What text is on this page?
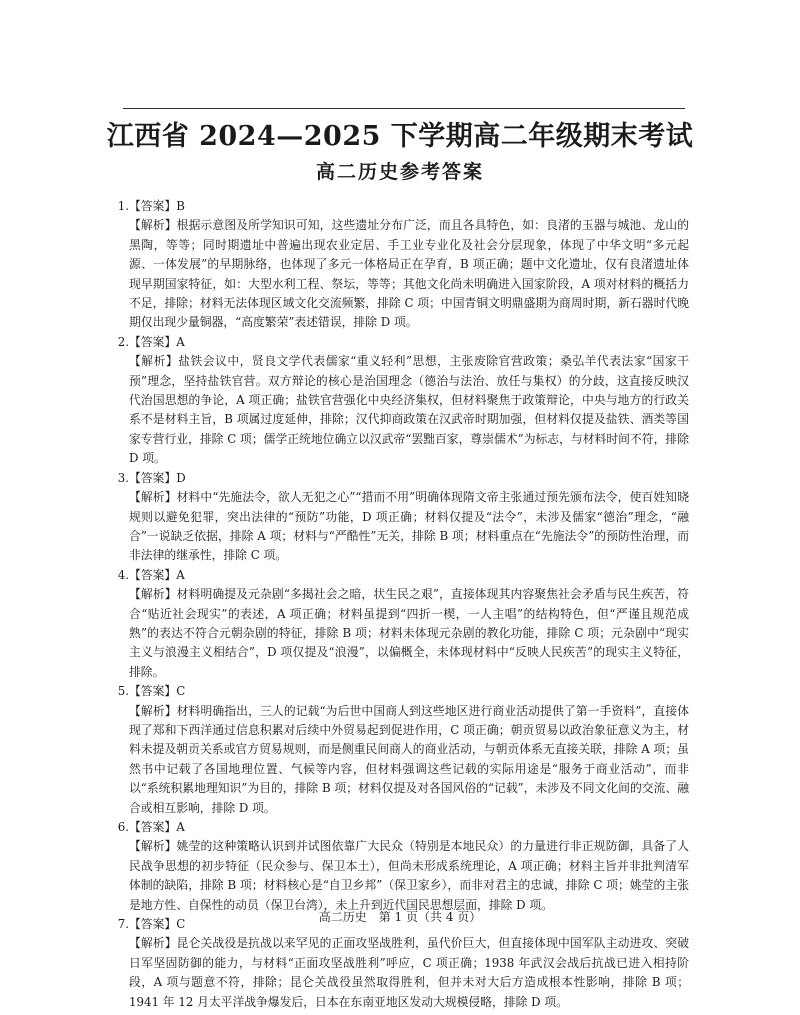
江西省 2024—2025 下学期高二年级期末考试
高二历史参考答案
1.【答案】B
【解析】根据示意图及所学知识可知，这些遗址分布广泛，而且各具特色，如：良渚的玉器与城池、龙山的黑陶，等等；同时期遗址中普遍出现农业定居、手工业专业化及社会分层现象，体现了中华文明“多元起源、一体发展”的早期脉络，也体现了多元一体格局正在孕育，B 项正确；题中文化遗址，仅有良渚遗址体现早期国家特征，如：大型水利工程、祭坛，等等；其他文化尚未明确进入国家阶段，A 项对材料的概括力不足，排除；材料无法体现区域文化交流频繁，排除 C 项；中国青铜文明鼎盛期为商周时期，新石器时代晚期仅出现少量铜器，“高度繁荣”表述错误，排除 D 项。
2.【答案】A
【解析】盐铁会议中，贤良文学代表儒家“重义轻利”思想，主张废除官营政策；桑弘羊代表法家“国家干预”理念，坚持盐铁官营。双方辩论的核心是治国理念（德治与法治、放任与集权）的分歧，这直接反映汉代治国思想的争论，A 项正确；盐铁官营强化中央经济集权，但材料聚焦于政策辩论，中央与地方的行政关系不是材料主旨，B 项属过度延伸，排除；汉代抑商政策在汉武帝时期加强，但材料仅提及盐铁、酒类等国家专营行业，排除 C 项；儒学正统地位确立以汉武帝“罢黜百家，尊崇儒术”为标志，与材料时间不符，排除 D 项。
3.【答案】D
【解析】材料中“先施法令，欲人无犯之心”“措而不用”明确体现隋文帝主张通过预先颁布法令，使百姓知晓规则以避免犯罪，突出法律的“预防”功能，D 项正确；材料仅提及“法令”，未涉及儒家“德治”理念，“融合”一说缺乏依据，排除 A 项；材料与“严酷性”无关，排除 B 项；材料重点在“先施法令”的预防性治理，而非法律的继承性，排除 C 项。
4.【答案】A
【解析】材料明确提及元杂剧“多揭社会之暗，状生民之艰”，直接体现其内容聚焦社会矛盾与民生疾苦，符合“贴近社会现实”的表述，A 项正确；材料虽提到“四折一楔，一人主唱”的结构特色，但“严谨且规范成熟”的表达不符合元朝杂剧的特征，排除 B 项；材料未体现元杂剧的教化功能，排除 C 项；元杂剧中“现实主义与浪漫主义相结合”，D 项仅提及“浪漫”，以偏概全，未体现材料中“反映人民疾苦”的现实主义特征，排除。
5.【答案】C
【解析】材料明确指出，三人的记载“为后世中国商人到这些地区进行商业活动提供了第一手资料”，直接体现了郑和下西洋通过信息积累对后续中外贸易起到促进作用，C 项正确；朝贡贸易以政治象征意义为主，材料未提及朝贡关系或官方贸易规则，而是侧重民间商人的商业活动，与朝贡体系无直接关联，排除 A 项；虽然书中记载了各国地理位置、气候等内容，但材料强调这些记载的实际用途是“服务于商业活动”，而非以“系统积累地理知识”为目的，排除 B 项；材料仅提及对各国风俗的“记载”，未涉及不同文化间的交流、融合或相互影响，排除 D 项。
6.【答案】A
【解析】姚莹的这种策略认识到并试图依靠广大民众（特别是本地民众）的力量进行非正规防御，具备了人民战争思想的初步特征（民众参与、保卫本土），但尚未形成系统理论，A 项正确；材料主旨并非批判清军体制的缺陷，排除 B 项；材料核心是“自卫乡邦”（保卫家乡），而非对君主的忠诚，排除 C 项；姚莹的主张是地方性、自保性的动员（保卫台湾），未上升到近代国民思想层面，排除 D 项。
7.【答案】C
【解析】昆仑关战役是抗战以来罕见的正面攻坚战胜利，虽代价巨大，但直接体现中国军队主动进攻、突破日军坚固防御的能力，与材料“正面攻坚战胜利”呼应，C 项正确；1938 年武汉会战后抗战已进入相持阶段，A 项与题意不符，排除；昆仑关战役虽然取得胜利，但并未对大后方造成根本性影响，排除 B 项；1941 年 12 月太平洋战争爆发后，日本在东南亚地区发动大规模侵略，排除 D 项。
高二历史　第 1 页（共 4 页）
